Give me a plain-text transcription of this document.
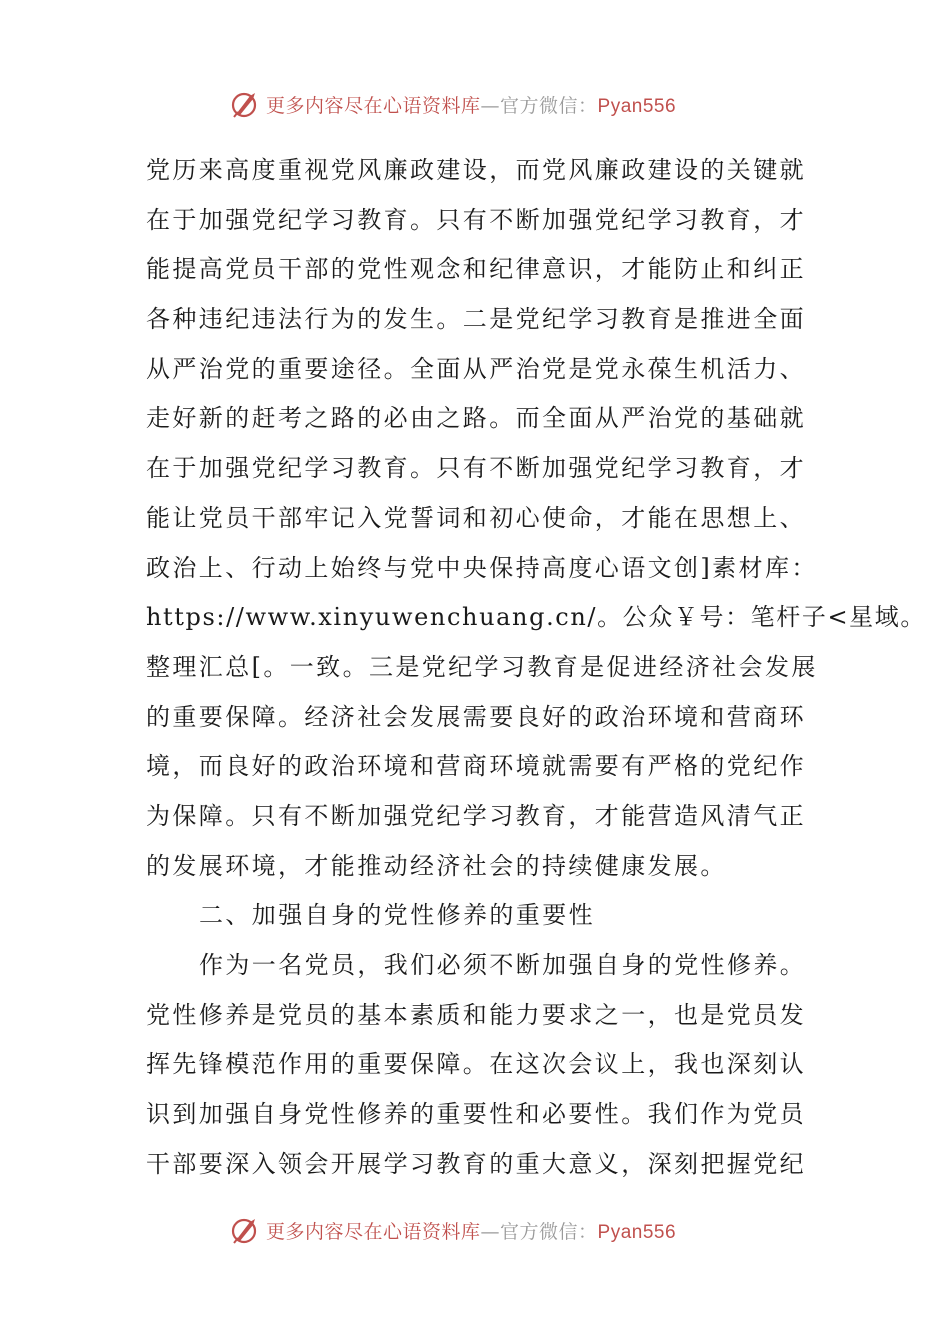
更多内容尽在心语资料库—官方微信：Pyan556
党历来高度重视党风廉政建设，而党风廉政建设的关键就
在于加强党纪学习教育。只有不断加强党纪学习教育，才
能提高党员干部的党性观念和纪律意识，才能防止和纠正
各种违纪违法行为的发生。二是党纪学习教育是推进全面
从严治党的重要途径。全面从严治党是党永葆生机活力、
走好新的赶考之路的必由之路。而全面从严治党的基础就
在于加强党纪学习教育。只有不断加强党纪学习教育，才
能让党员干部牢记入党誓词和初心使命，才能在思想上、
政治上、行动上始终与党中央保持高度心语文创]素材库：
https://www.xinyuwenchuang.cn/。公众￥号：笔杆子<星域。
整理汇总[。一致。三是党纪学习教育是促进经济社会发展
的重要保障。经济社会发展需要良好的政治环境和营商环
境，而良好的政治环境和营商环境就需要有严格的党纪作
为保障。只有不断加强党纪学习教育，才能营造风清气正
的发展环境，才能推动经济社会的持续健康发展。
二、加强自身的党性修养的重要性
作为一名党员，我们必须不断加强自身的党性修养。
党性修养是党员的基本素质和能力要求之一，也是党员发
挥先锋模范作用的重要保障。在这次会议上，我也深刻认
识到加强自身党性修养的重要性和必要性。我们作为党员
干部要深入领会开展学习教育的重大意义，深刻把握党纪
更多内容尽在心语资料库—官方微信：Pyan556
